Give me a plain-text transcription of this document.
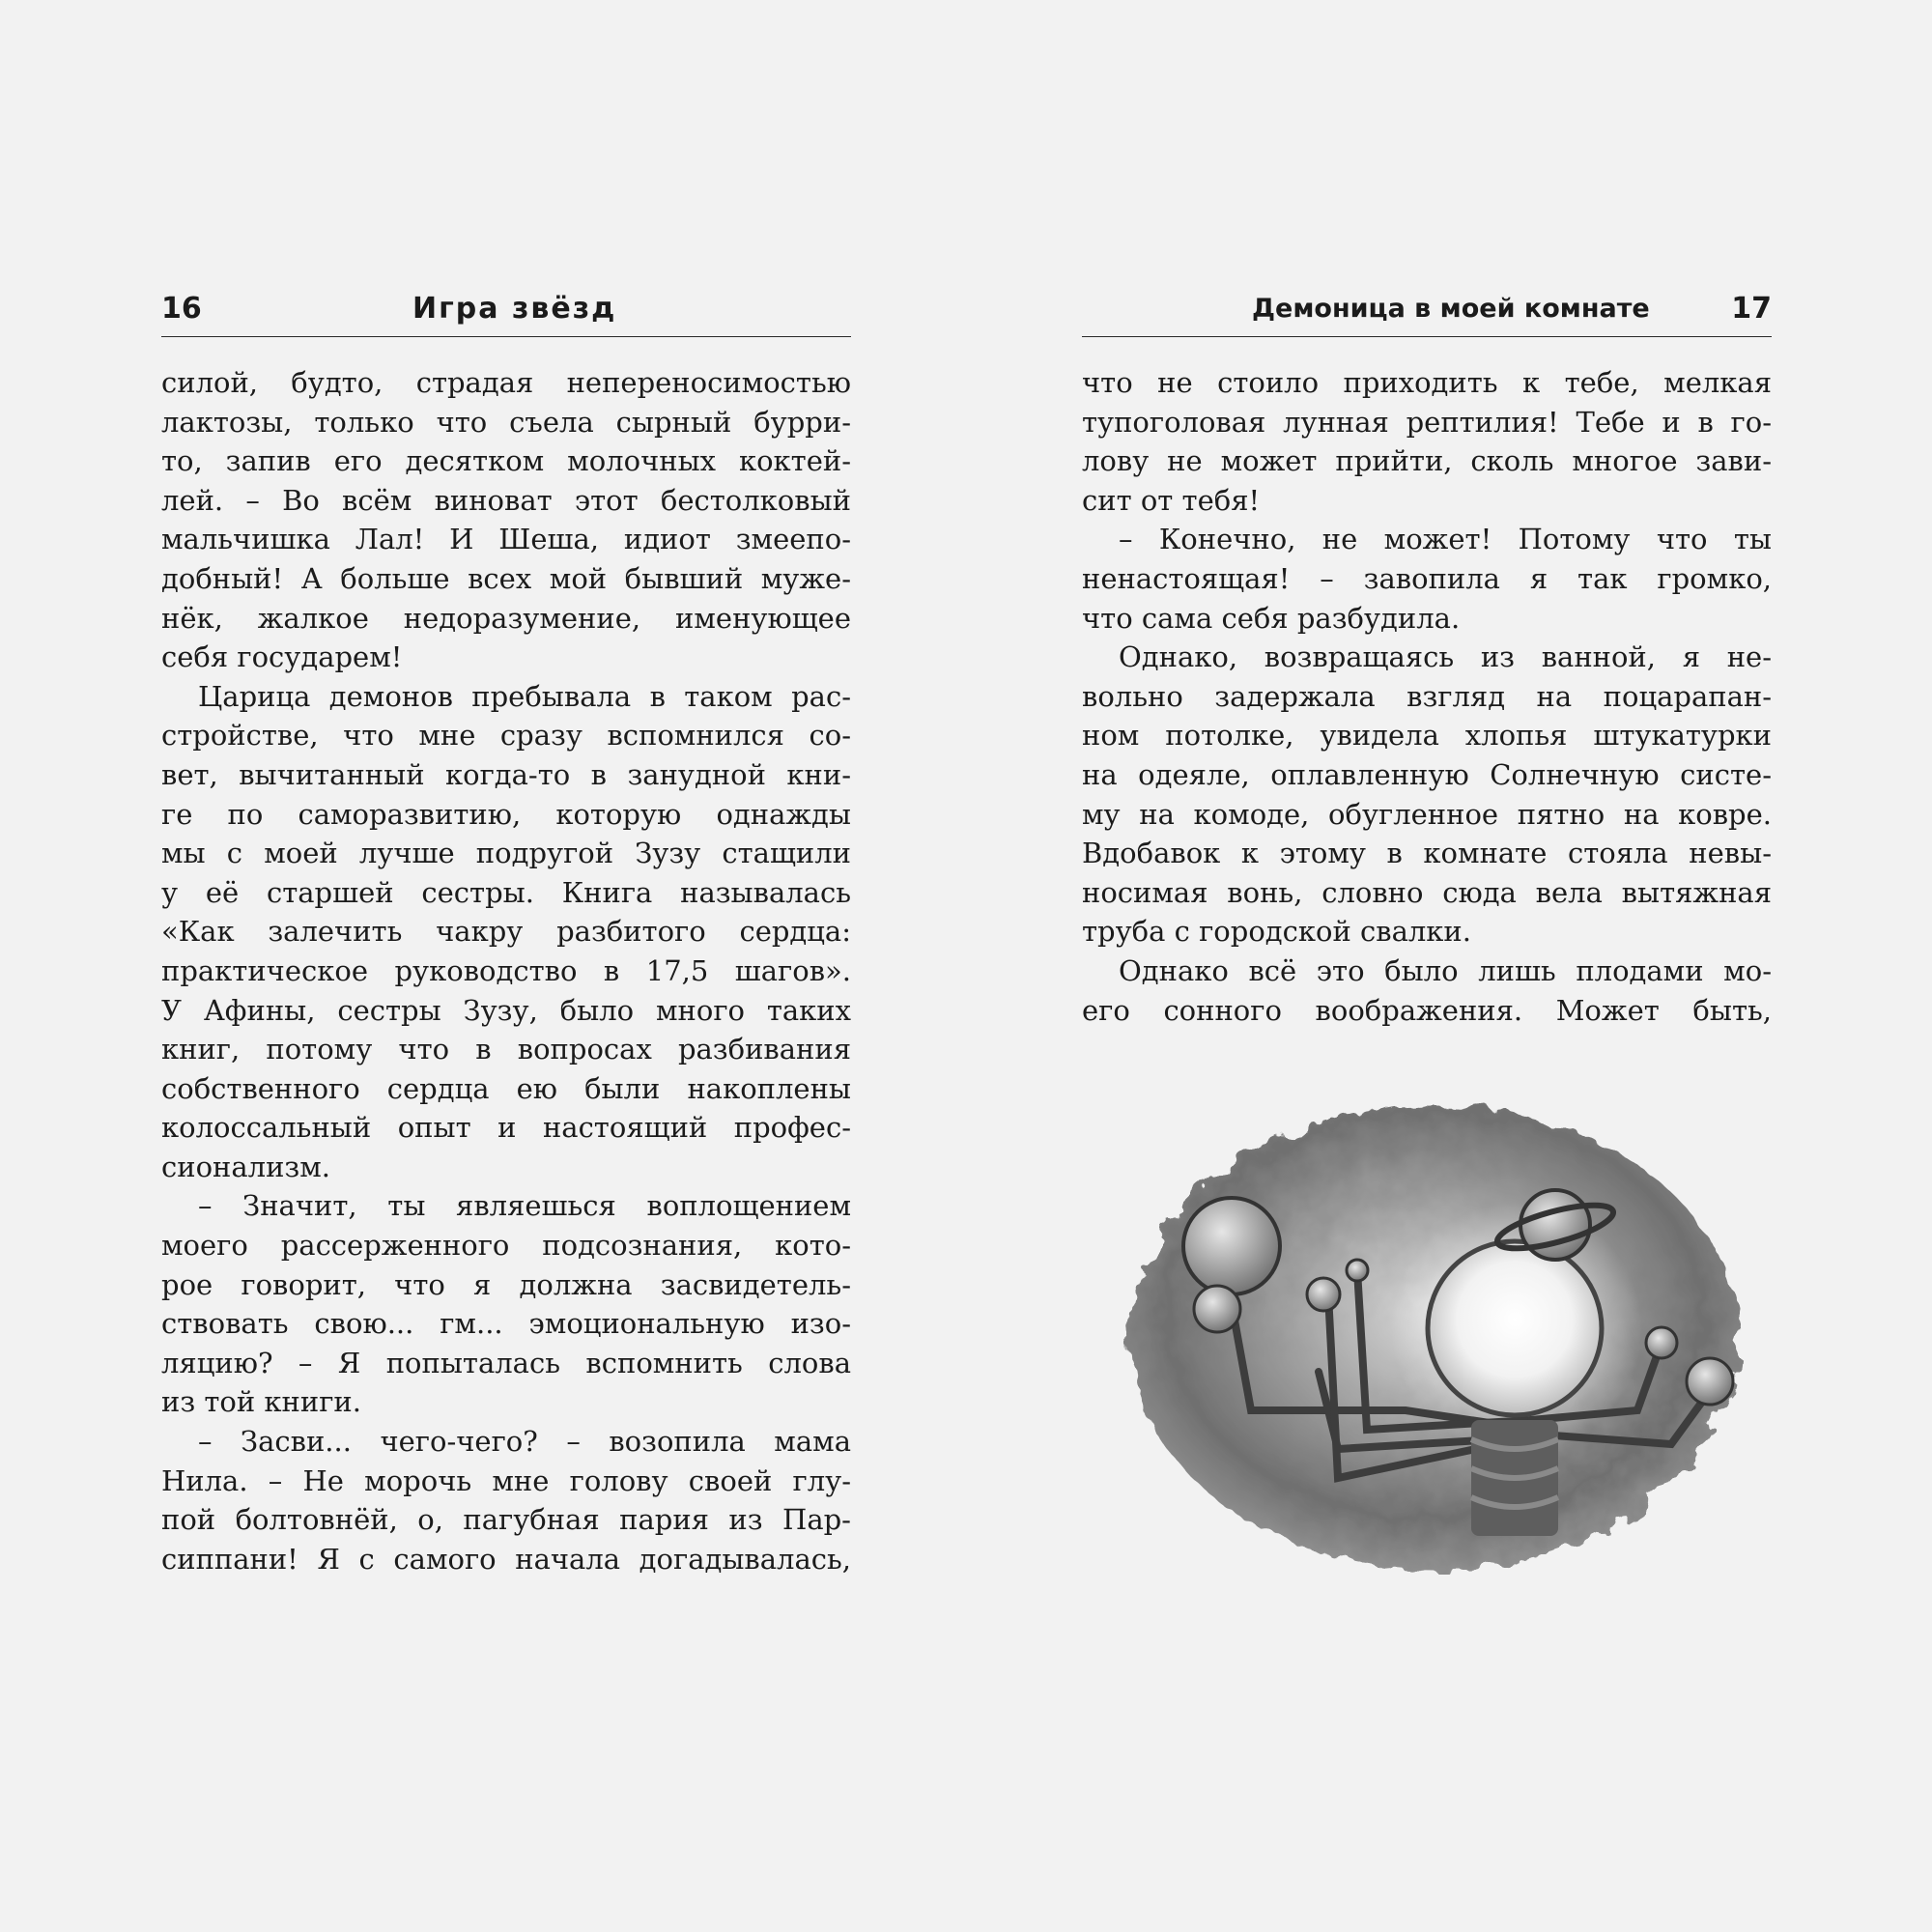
16	Игра звёзд
силой, будто, страдая непереносимостью
лактозы, только что съела сырный бурри-
то, запив его десятком молочных коктей-
лей. – Во всём виноват этот бестолковый
мальчишка Лал! И Шеша, идиот змеепо-
добный! А больше всех мой бывший муже-
нёк, жалкое недоразумение, именующее
себя государем!
Царица демонов пребывала в таком рас-
стройстве, что мне сразу вспомнился со-
вет, вычитанный когда-то в занудной кни-
ге по саморазвитию, которую однажды
мы с моей лучше подругой Зузу стащили
у её старшей сестры. Книга называлась
«Как залечить чакру разбитого сердца:
практическое руководство в 17,5 шагов».
У Афины, сестры Зузу, было много таких
книг, потому что в вопросах разбивания
собственного сердца ею были накоплены
колоссальный опыт и настоящий профес-
сионализм.
– Значит, ты являешься воплощением
моего рассерженного подсознания, кото-
рое говорит, что я должна засвидетель-
ствовать свою... гм... эмоциональную изо-
ляцию? – Я попыталась вспомнить слова
из той книги.
– Засви... чего-чего? – возопила мама
Нила. – Не морочь мне голову своей глу-
пой болтовнёй, о, пагубная пария из Пар-
сиппани! Я с самого начала догадывалась,
Демоница в моей комнате	17
что не стоило приходить к тебе, мелкая
тупоголовая лунная рептилия! Тебе и в го-
лову не может прийти, сколь многое зави-
сит от тебя!
– Конечно, не может! Потому что ты
ненастоящая! – завопила я так громко,
что сама себя разбудила.
Однако, возвращаясь из ванной, я не-
вольно задержала взгляд на поцарапан-
ном потолке, увидела хлопья штукатурки
на одеяле, оплавленную Солнечную систе-
му на комоде, обугленное пятно на ковре.
Вдобавок к этому в комнате стояла невы-
носимая вонь, словно сюда вела вытяжная
труба с городской свалки.
Однако всё это было лишь плодами мо-
его сонного воображения. Может быть,
